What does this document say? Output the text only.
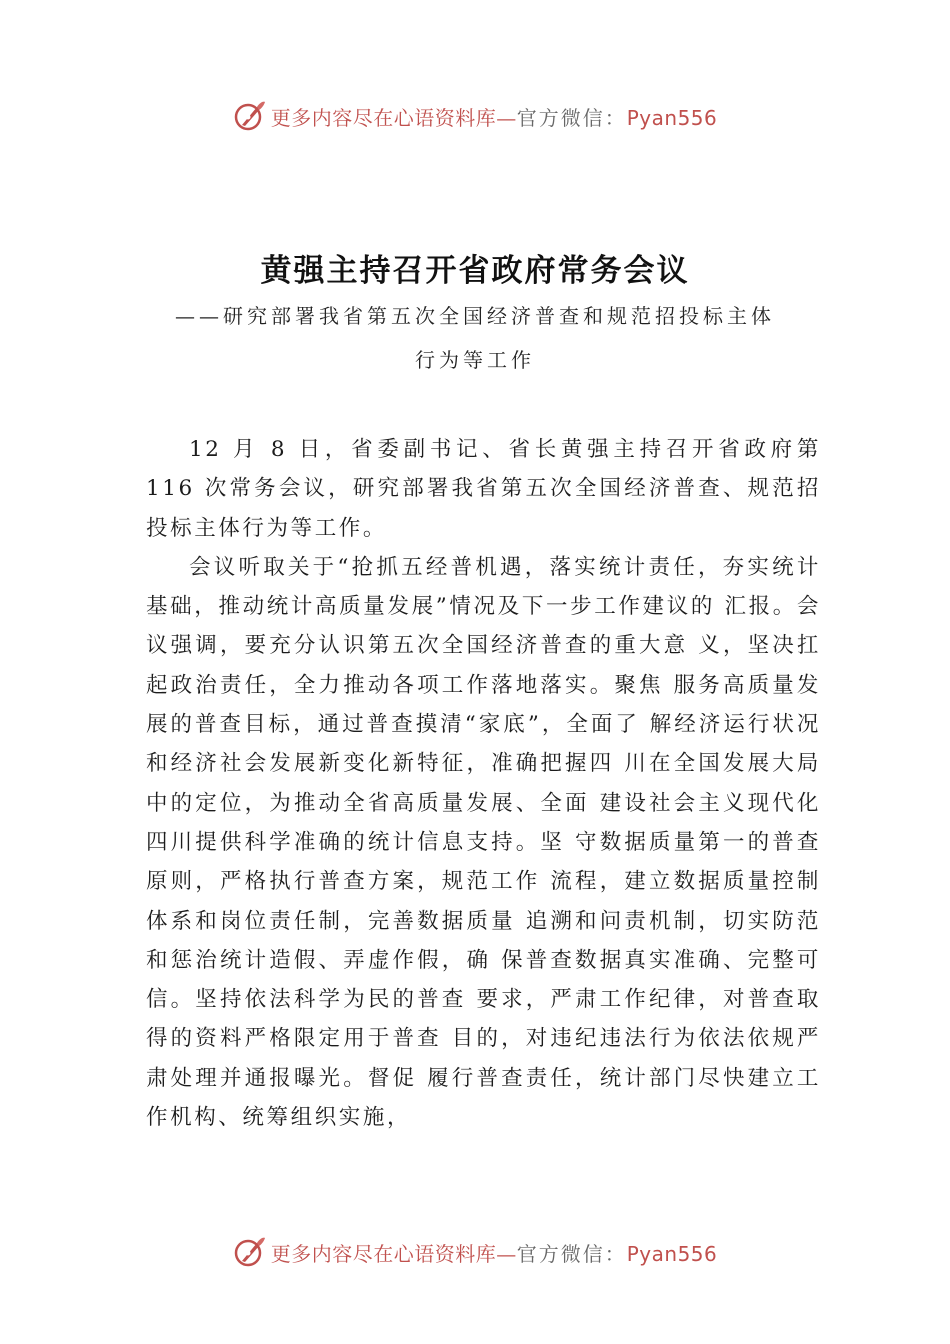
更多内容尽在心语资料库—官方微信：Pyan556
黄强主持召开省政府常务会议
——研究部署我省第五次全国经济普查和规范招投标主体
行为等工作

12 月 8 日，省委副书记、省长黄强主持召开省政府第 116 次常务会议，研究部署我省第五次全国经济普查、规范招投标主体行为等工作。

会议听取关于“抢抓五经普机遇，落实统计责任，夯实统计基础，推动统计高质量发展”情况及下一步工作建议的 汇报。会议强调，要充分认识第五次全国经济普查的重大意 义，坚决扛起政治责任，全力推动各项工作落地落实。聚焦 服务高质量发展的普查目标，通过普查摸清“家底”，全面了 解经济运行状况和经济社会发展新变化新特征，准确把握四 川在全国发展大局中的定位，为推动全省高质量发展、全面 建设社会主义现代化四川提供科学准确的统计信息支持。坚 守数据质量第一的普查原则，严格执行普查方案，规范工作 流程，建立数据质量控制体系和岗位责任制，完善数据质量 追溯和问责机制，切实防范和惩治统计造假、弄虚作假，确 保普查数据真实准确、完整可信。坚持依法科学为民的普查 要求，严肃工作纪律，对普查取得的资料严格限定用于普查 目的，对违纪违法行为依法依规严肃处理并通报曝光。督促 履行普查责任，统计部门尽快建立工作机构、统筹组织实施，

更多内容尽在心语资料库—官方微信：Pyan556
